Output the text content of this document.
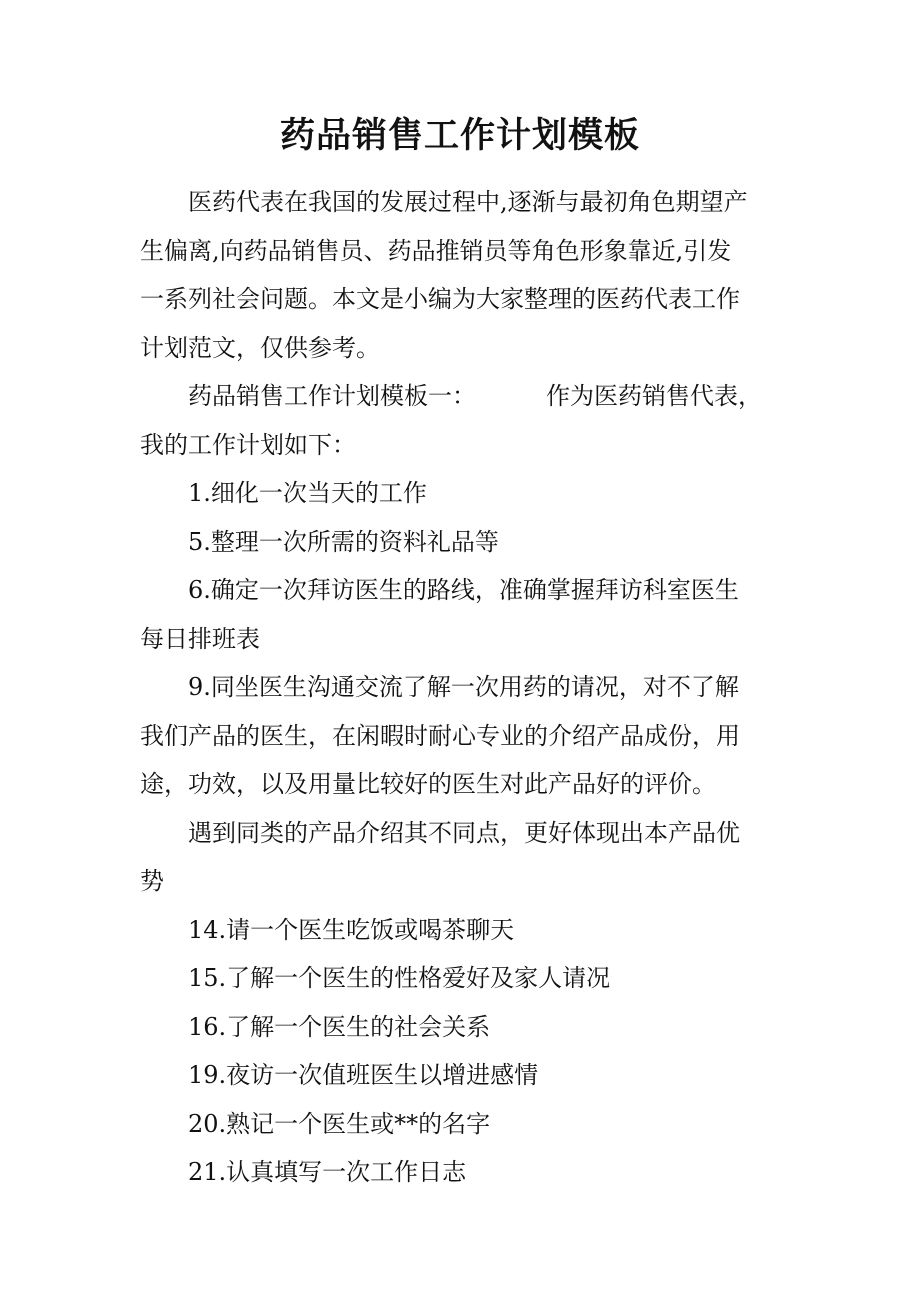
药品销售工作计划模板

医药代表在我国的发展过程中,逐渐与最初角色期望产
生偏离,向药品销售员、药品推销员等角色形象靠近,引发
一系列社会问题。本文是小编为大家整理的医药代表工作
计划范文，仅供参考。

药品销售工作计划模板一：	作为医药销售代表，
我的工作计划如下：

1.细化一次当天的工作

5.整理一次所需的资料礼品等

6.确定一次拜访医生的路线，准确掌握拜访科室医生
每日排班表

9.同坐医生沟通交流了解一次用药的请况，对不了解
我们产品的医生，在闲暇时耐心专业的介绍产品成份，用
途，功效，以及用量比较好的医生对此产品好的评价。

遇到同类的产品介绍其不同点，更好体现出本产品优
势

14.请一个医生吃饭或喝茶聊天

15.了解一个医生的性格爱好及家人请况

16.了解一个医生的社会关系

19.夜访一次值班医生以增进感情

20.熟记一个医生或**的名字

21.认真填写一次工作日志
